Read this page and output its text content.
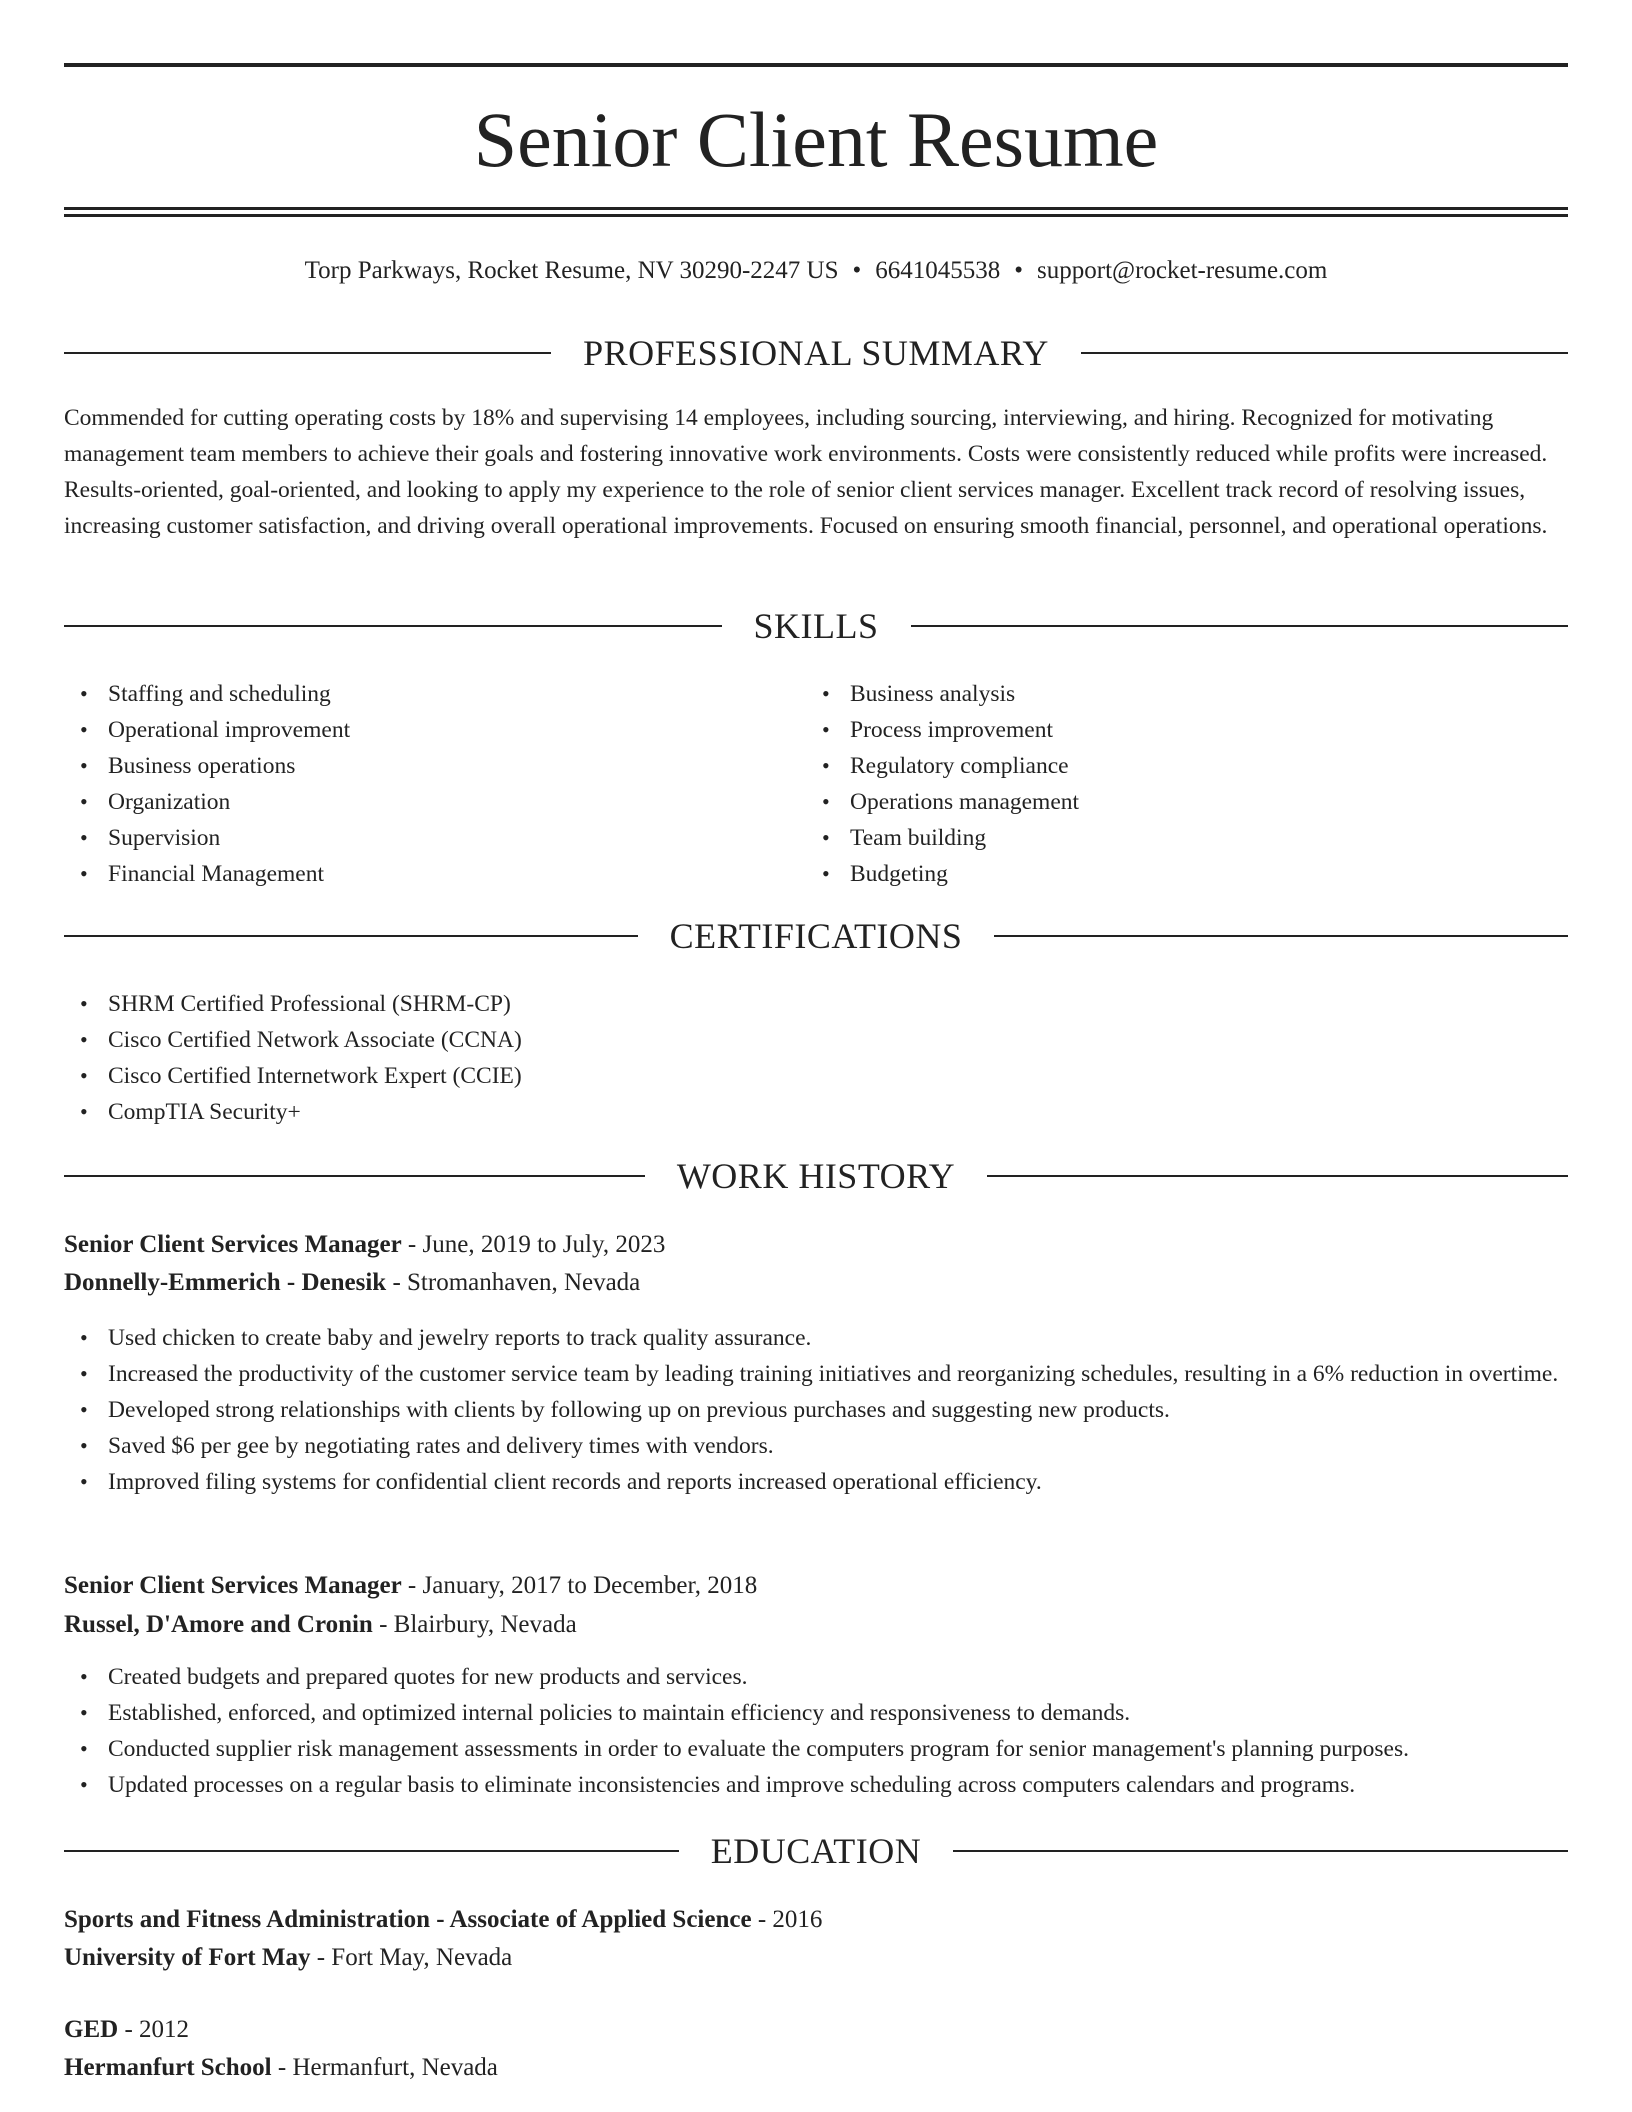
Senior Client Resume

Torp Parkways, Rocket Resume, NV 30290-2247 US • 6641045538 • support@rocket-resume.com

PROFESSIONAL SUMMARY

Commended for cutting operating costs by 18% and supervising 14 employees, including sourcing, interviewing, and hiring. Recognized for motivating management team members to achieve their goals and fostering innovative work environments. Costs were consistently reduced while profits were increased. Results-oriented, goal-oriented, and looking to apply my experience to the role of senior client services manager. Excellent track record of resolving issues, increasing customer satisfaction, and driving overall operational improvements. Focused on ensuring smooth financial, personnel, and operational operations.

SKILLS
• Staffing and scheduling
• Operational improvement
• Business operations
• Organization
• Supervision
• Financial Management
• Business analysis
• Process improvement
• Regulatory compliance
• Operations management
• Team building
• Budgeting
CERTIFICATIONS
• SHRM Certified Professional (SHRM-CP)
• Cisco Certified Network Associate (CCNA)
• Cisco Certified Internetwork Expert (CCIE)
• CompTIA Security+
WORK HISTORY

Senior Client Services Manager - June, 2019 to July, 2023

Donnelly-Emmerich - Denesik - Stromanhaven, Nevada

• Used chicken to create baby and jewelry reports to track quality assurance.
• Increased the productivity of the customer service team by leading training initiatives and reorganizing schedules, resulting in a 6% reduction in overtime.
• Developed strong relationships with clients by following up on previous purchases and suggesting new products.
• Saved $6 per gee by negotiating rates and delivery times with vendors.
• Improved filing systems for confidential client records and reports increased operational efficiency.

Senior Client Services Manager - January, 2017 to December, 2018

Russel, D'Amore and Cronin - Blairbury, Nevada

• Created budgets and prepared quotes for new products and services.
• Established, enforced, and optimized internal policies to maintain efficiency and responsiveness to demands.
• Conducted supplier risk management assessments in order to evaluate the computers program for senior management's planning purposes.
• Updated processes on a regular basis to eliminate inconsistencies and improve scheduling across computers calendars and programs.
EDUCATION

Sports and Fitness Administration - Associate of Applied Science - 2016

University of Fort May - Fort May, Nevada

GED - 2012

Hermanfurt School - Hermanfurt, Nevada
